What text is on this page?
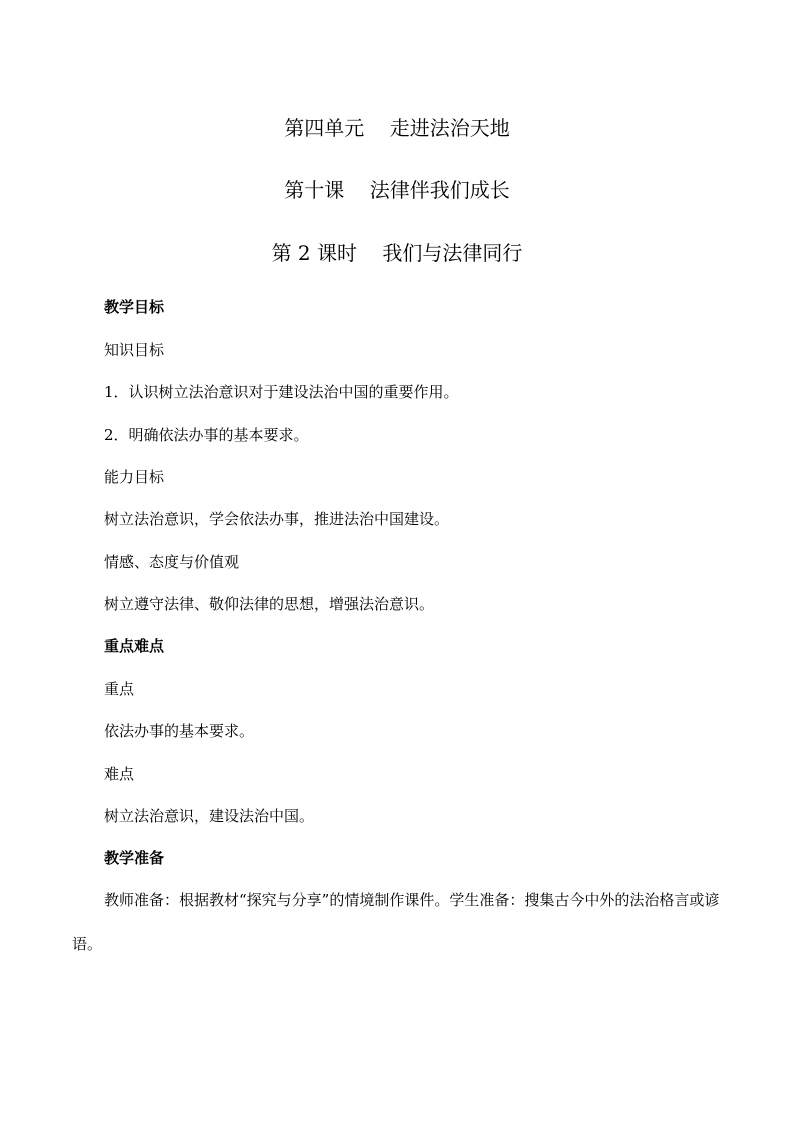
第四单元    走进法治天地
第十课    法律伴我们成长
第 2 课时    我们与法律同行
教学目标
知识目标
1．认识树立法治意识对于建设法治中国的重要作用。
2．明确依法办事的基本要求。
能力目标
树立法治意识，学会依法办事，推进法治中国建设。
情感、态度与价值观
树立遵守法律、敬仰法律的思想，增强法治意识。
重点难点
重点
依法办事的基本要求。
难点
树立法治意识，建设法治中国。
教学准备
教师准备：根据教材“探究与分享”的情境制作课件。学生准备：搜集古今中外的法治格言或谚语。
